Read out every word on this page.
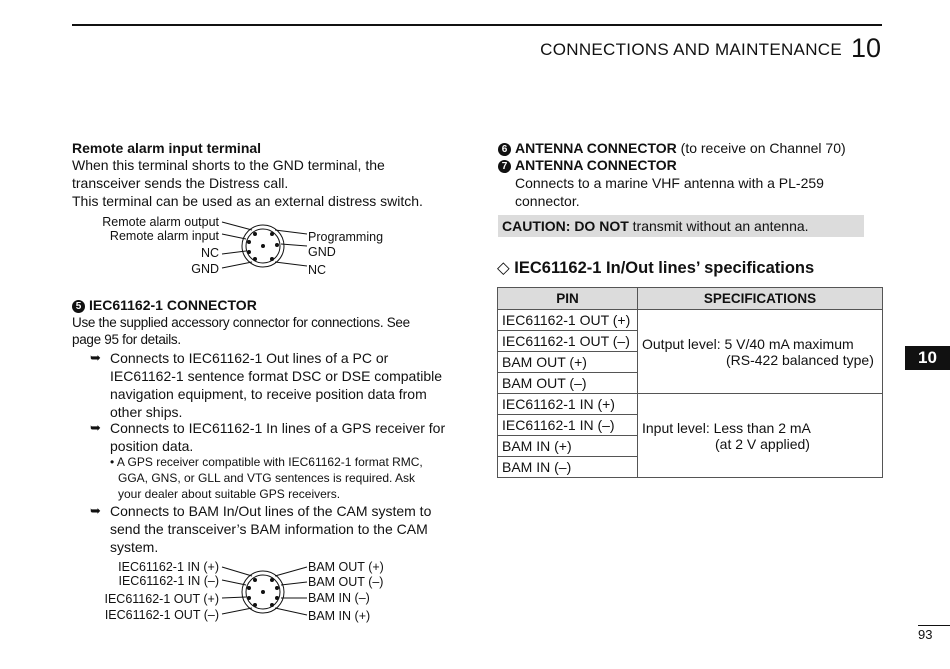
CONNECTIONS AND MAINTENANCE 10
Remote alarm input terminal
When this terminal shorts to the GND terminal, the
transceiver sends the Distress call.
This terminal can be used as an external distress switch.
Remote alarm output
Remote alarm input
NC
GND
Programming
GND
NC
5 IEC61162-1 CONNECTOR
Use the supplied accessory connector for connections. See
page 95 for details.
➥ Connects to IEC61162-1 Out lines of a PC or
IEC61162-1 sentence format DSC or DSE compatible
navigation equipment, to receive position data from
other ships.
➥ Connects to IEC61162-1 In lines of a GPS receiver for
position data.
• A GPS receiver compatible with IEC61162-1 format RMC,
GGA, GNS, or GLL and VTG sentences is required. Ask
your dealer about suitable GPS receivers.
➥ Connects to BAM In/Out lines of the CAM system to
send the transceiver’s BAM information to the CAM
system.
IEC61162-1 IN (+)
IEC61162-1 IN (–)
IEC61162-1 OUT (+)
IEC61162-1 OUT (–)
BAM OUT (+)
BAM OUT (–)
BAM IN (–)
BAM IN (+)
6 ANTENNA CONNECTOR (to receive on Channel 70)
7 ANTENNA CONNECTOR
Connects to a marine VHF antenna with a PL-259
connector.
CAUTION: DO NOT transmit without an antenna.
◇ IEC61162-1 In/Out lines’ specifications
PIN	SPECIFICATIONS
IEC61162-1 OUT (+)	Output level: 5 V/40 mA maximum
(RS-422 balanced type)

IEC61162-1 OUT (–)	
BAM OUT (+)	
BAM OUT (–)	
IEC61162-1 IN (+)	Input level: Less than 2 mA
(at 2 V applied)

IEC61162-1 IN (–)	
BAM IN (+)	
BAM IN (–)	
10
93
